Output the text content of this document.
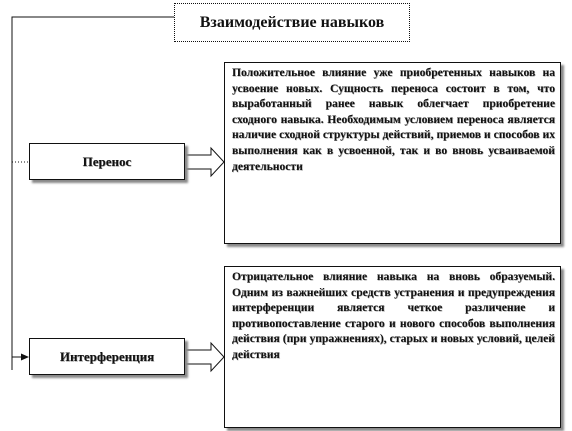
Взаимодействие навыков
Перенос
Интерференция
Положительное влияние уже приобретенных навыков на усвоение новых. Сущность переноса состоит в том, что выработанный ранее навык облегчает приобретение сходного навыка. Необходимым условием переноса является наличие сходной структуры действий, приемов и способов их выполнения как в усвоенной, так и во вновь усваиваемой деятельности
Отрицательное влияние навыка на вновь образуемый. Одним из важнейших средств устранения и предупреждения интерференции является четкое различение и противопоставление старого и нового способов выполнения действия (при упражнениях), старых и новых условий, целей действия
